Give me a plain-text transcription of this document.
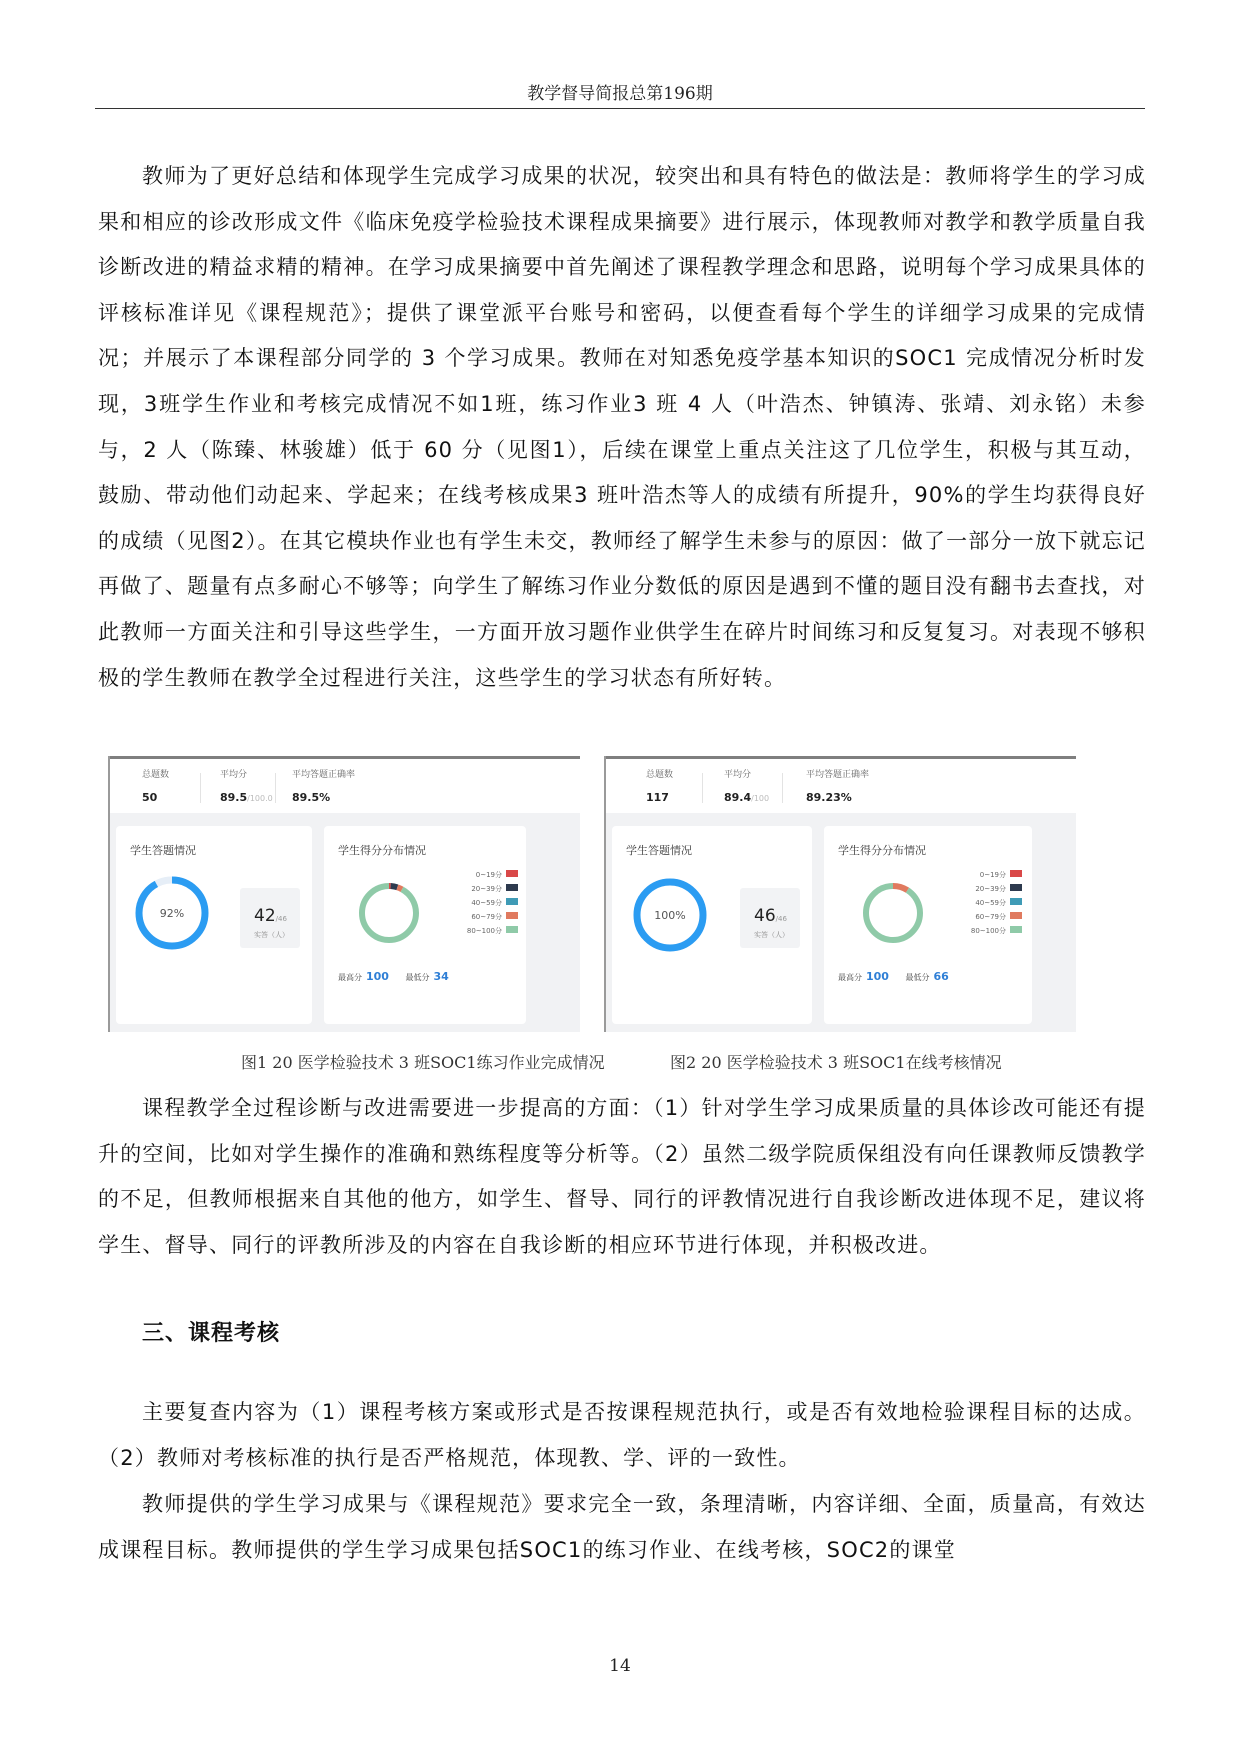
教学督导简报总第196期

教师为了更好总结和体现学生完成学习成果的状况，较突出和具有特色的做法是：教师将学生的学习成果和相应的诊改形成文件《临床免疫学检验技术课程成果摘要》进行展示，体现教师对教学和教学质量自我诊断改进的精益求精的精神。在学习成果摘要中首先阐述了课程教学理念和思路，说明每个学习成果具体的评核标准详见《课程规范》；提供了课堂派平台账号和密码，以便查看每个学生的详细学习成果的完成情况；并展示了本课程部分同学的 3 个学习成果。教师在对知悉免疫学基本知识的SOC1 完成情况分析时发现，3班学生作业和考核完成情况不如1班，练习作业3 班 4 人（叶浩杰、钟镇涛、张靖、刘永铭）未参与，2 人（陈臻、林骏雄）低于 60 分（见图1），后续在课堂上重点关注这了几位学生，积极与其互动，鼓励、带动他们动起来、学起来；在线考核成果3 班叶浩杰等人的成绩有所提升，90%的学生均获得良好的成绩（见图2）。在其它模块作业也有学生未交，教师经了解学生未参与的原因：做了一部分一放下就忘记再做了、题量有点多耐心不够等；向学生了解练习作业分数低的原因是遇到不懂的题目没有翻书去查找，对此教师一方面关注和引导这些学生，一方面开放习题作业供学生在碎片时间练习和反复复习。对表现不够积极的学生教师在教学全过程进行关注，这些学生的学习状态有所好转。

总题数
50
平均分
89.5/100.0
平均答题正确率
89.5%
学生答题情况
92%	42/46
实答（人）
学生得分分布情况
0~19分
20~39分
40~59分
60~79分
80~100分
最高分 100 最低分 34
总题数
117
平均分
89.4/100
平均答题正确率
89.23%
学生答题情况
100%	46/46
实答（人）
学生得分分布情况
0~19分
20~39分
40~59分
60~79分
80~100分
最高分 100 最低分 66
图1 20 医学检验技术 3 班SOC1练习作业完成情况	图2 20 医学检验技术 3 班SOC1在线考核情况

课程教学全过程诊断与改进需要进一步提高的方面：（1）针对学生学习成果质量的具体诊改可能还有提升的空间，比如对学生操作的准确和熟练程度等分析等。（2）虽然二级学院质保组没有向任课教师反馈教学的不足，但教师根据来自其他的他方，如学生、督导、同行的评教情况进行自我诊断改进体现不足，建议将学生、督导、同行的评教所涉及的内容在自我诊断的相应环节进行体现，并积极改进。

三、课程考核

主要复查内容为（1）课程考核方案或形式是否按课程规范执行，或是否有效地检验课程目标的达成。（2）教师对考核标准的执行是否严格规范，体现教、学、评的一致性。

教师提供的学生学习成果与《课程规范》要求完全一致，条理清晰，内容详细、全面，质量高，有效达成课程目标。教师提供的学生学习成果包括SOC1的练习作业、在线考核，SOC2的课堂

14
